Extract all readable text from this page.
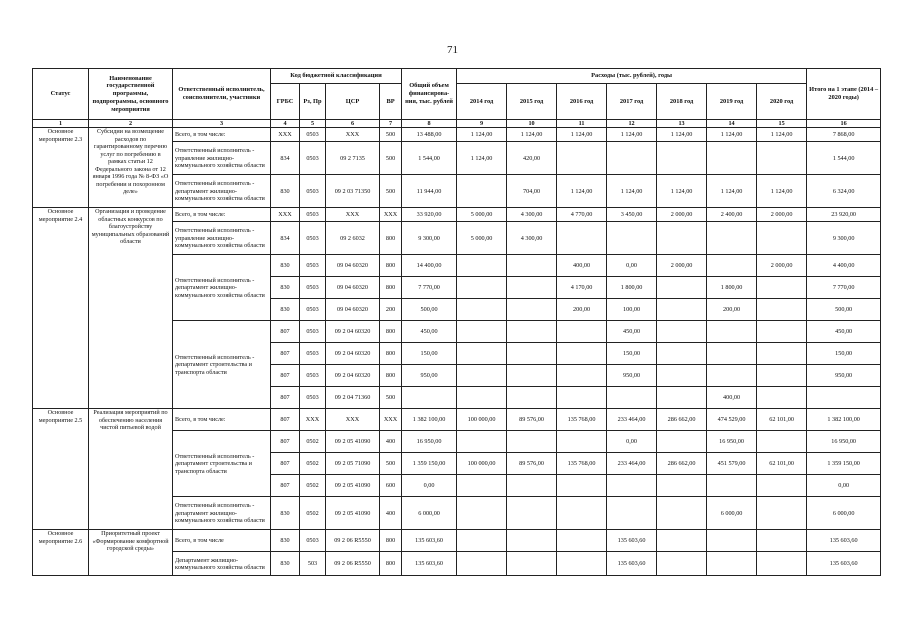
71
Статус	Наименование государственной программы, подпрограммы, основного мероприятия	Ответственный исполнитель, соисполнители, участники	Код бюджетной классификации				Общий объем финансирова-ния, тыс. рублей	Расходы (тыс. рублей), годы							Итого на 1 этапе (2014 – 2020 годы)
			ГРБС	Рз, Пр	ЦСР	ВР		2014 год	2015 год	2016 год	2017 год	2018 год	2019 год	2020 год	
1	2	3	4	5	6	7	8	9	10	11	12	13	14	15	16
Основное мероприятие 2.3	Субсидии на возмещение расходов по гарантированному перечню услуг по погребению в рамках статьи 12 Федерального закона от 12 января 1996 года № 8-ФЗ «О погребении и похоронном деле»	Всего, в том числе:	ХХХ	0503	ХХХ	500	13 488,00	1 124,00	1 124,00	1 124,00	1 124,00	1 124,00	1 124,00	1 124,00	7 868,00
		Ответственный исполнитель - управление жилищно-коммунального хозяйства области	834	0503	09 2 7135	500	1 544,00	1 124,00	420,00						1 544,00
		Ответственный исполнитель - департамент жилищно-коммунального хозяйства области	830	0503	09 2 03 71350	500	11 944,00		704,00	1 124,00	1 124,00	1 124,00	1 124,00	1 124,00	6 324,00
Основное мероприятие 2.4	Организация и проведение областных конкурсов по благоустройству муниципальных образований области	Всего, в том числе:	ХХХ	0503	ХХХ	ХХХ	33 920,00	5 000,00	4 300,00	4 770,00	3 450,00	2 000,00	2 400,00	2 000,00	23 920,00
		Ответственный исполнитель - управление жилищно-коммунального хозяйства области	834	0503	09 2 6032	800	9 300,00	5 000,00	4 300,00						9 300,00
		Ответственный исполнитель - департамент жилищно-коммунального хозяйства области	830	0503	09 04 60320	800	14 400,00			400,00	0,00	2 000,00		2 000,00	4 400,00
			830	0503	09 04 60320	800	7 770,00			4 170,00	1 800,00		1 800,00		7 770,00
			830	0503	09 04 60320	200	500,00			200,00	100,00		200,00		500,00
		Ответственный исполнитель - департамент строительства и транспорта области	807	0503	09 2 04 60320	800	450,00				450,00				450,00
			807	0503	09 2 04 60320	800	150,00				150,00				150,00
			807	0503	09 2 04 60320	800	950,00				950,00				950,00
			807	0503	09 2 04 71360	500							400,00		
Основное мероприятие 2.5	Реализация мероприятий по обеспечению населения чистой питьевой водой	Всего, в том числе:	807	ХХХ	ХХХ	ХХХ	1 382 100,00	100 000,00	89 576,00	135 768,00	233 464,00	286 662,00	474 529,00	62 101,00	1 382 100,00
		Ответственный исполнитель - департамент строительства и транспорта области	807	0502	09 2 05 41090	400	16 950,00				0,00		16 950,00		16 950,00
			807	0502	09 2 05 71090	500	1 359 150,00	100 000,00	89 576,00	135 768,00	233 464,00	286 662,00	451 579,00	62 101,00	1 359 150,00
			807	0502	09 2 05 41090	600	0,00								0,00
		Ответственный исполнитель - департамент жилищно-коммунального хозяйства области	830	0502	09 2 05 41090	400	6 000,00						6 000,00		6 000,00
Основное мероприятие 2.6	Приоритетный проект «Формирование комфортной городской среды»	Всего, в том числе	830	0503	09 2 06 R5550	800	135 603,60				135 603,60				135 603,60
		Департамент жилищно-коммунального хозяйства области	830	503	09 2 06 R5550	800	135 603,60				135 603,60				135 603,60
